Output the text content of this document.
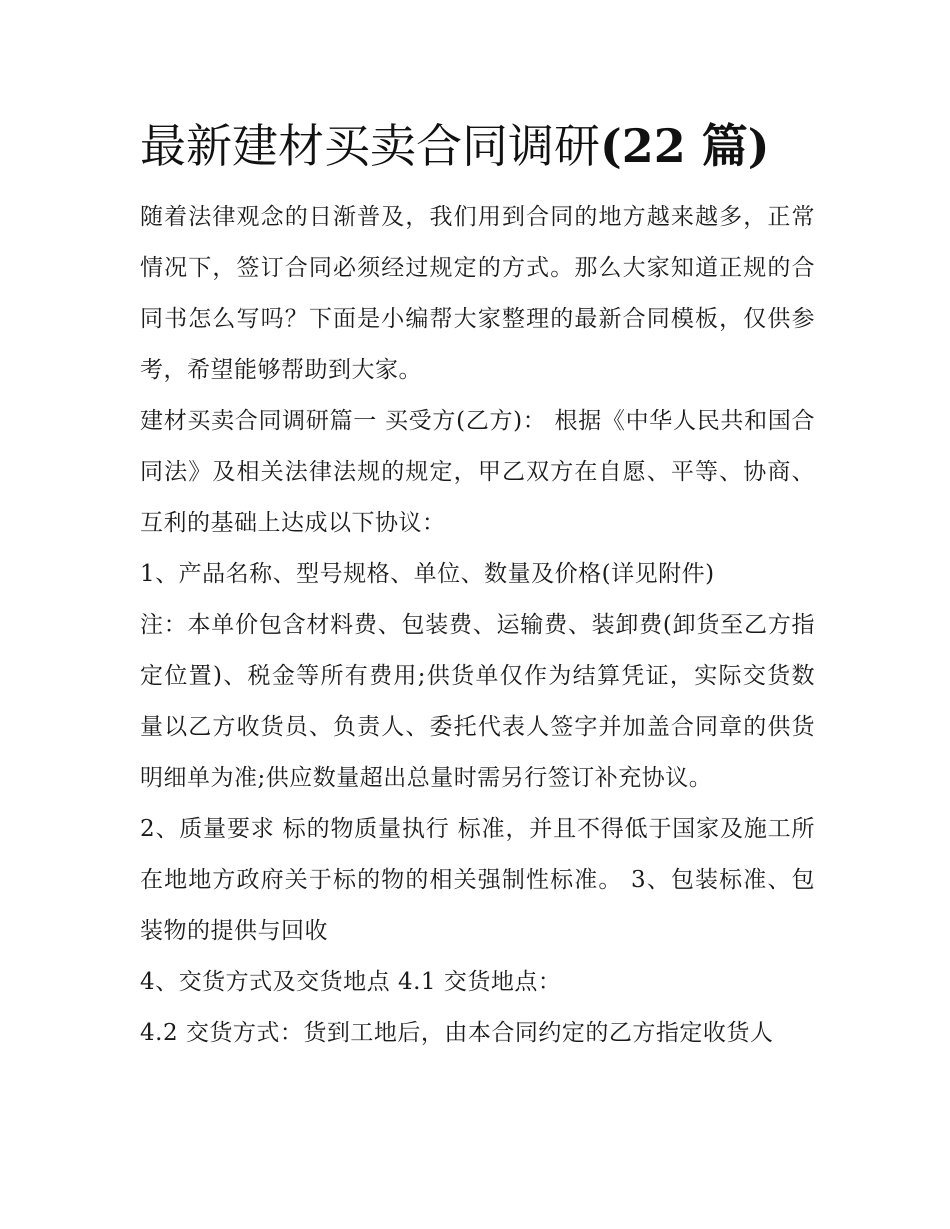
最新建材买卖合同调研(22 篇)

随着法律观念的日渐普及，我们用到合同的地方越来越多，正常情况下，签订合同必须经过规定的方式。那么大家知道正规的合同书怎么写吗？下面是小编帮大家整理的最新合同模板，仅供参考，希望能够帮助到大家。

建材买卖合同调研篇一 买受方(乙方)： 根据《中华人民共和国合同法》及相关法律法规的规定，甲乙双方在自愿、平等、协商、互利的基础上达成以下协议：

1、产品名称、型号规格、单位、数量及价格(详见附件)

注：本单价包含材料费、包装费、运输费、装卸费(卸货至乙方指定位置)、税金等所有费用;供货单仅作为结算凭证，实际交货数量以乙方收货员、负责人、委托代表人签字并加盖合同章的供货明细单为准;供应数量超出总量时需另行签订补充协议。

2、质量要求 标的物质量执行 标准，并且不得低于国家及施工所在地地方政府关于标的物的相关强制性标准。 3、包装标准、包装物的提供与回收

4、交货方式及交货地点 4.1 交货地点：

4.2 交货方式：货到工地后，由本合同约定的乙方指定收货人
